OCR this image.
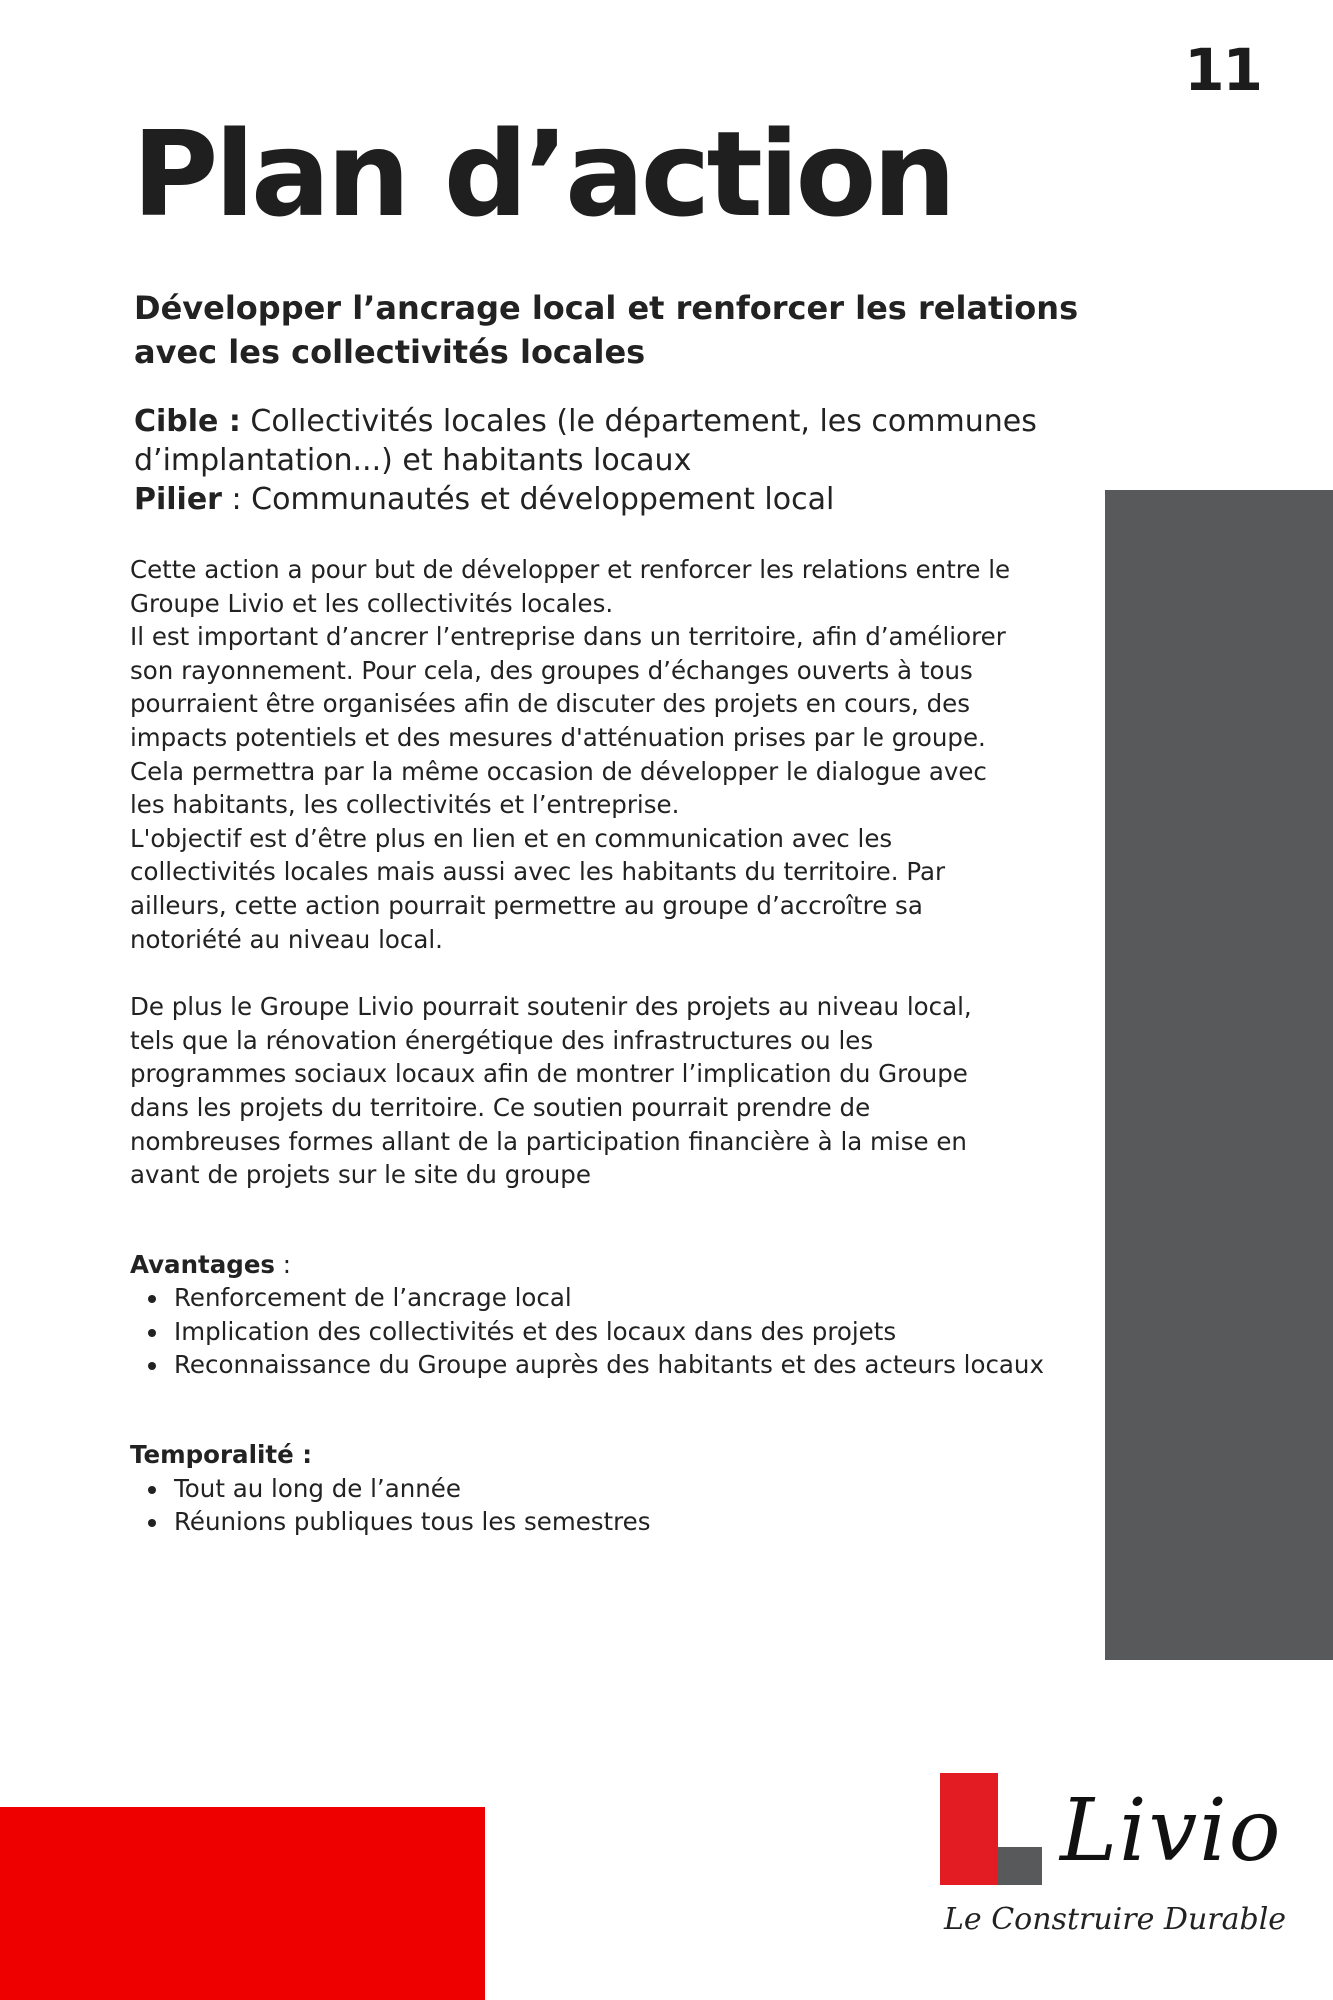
11
Plan d’action
Développer l’ancrage local et renforcer les relations avec les collectivités locales
Cible : Collectivités locales (le département, les communes d’implantation...) et habitants locaux
Pilier : Communautés et développement local

Cette action a pour but de développer et renforcer les relations entre le
Groupe Livio et les collectivités locales.
Il est important d’ancrer l’entreprise dans un territoire, afin d’améliorer
son rayonnement. Pour cela, des groupes d’échanges ouverts à tous
pourraient être organisées afin de discuter des projets en cours, des
impacts potentiels et des mesures d'atténuation prises par le groupe.
Cela permettra par la même occasion de développer le dialogue avec
les habitants, les collectivités et l’entreprise.
L'objectif est d’être plus en lien et en communication avec les
collectivités locales mais aussi avec les habitants du territoire. Par
ailleurs, cette action pourrait permettre au groupe d’accroître sa
notoriété au niveau local.

De plus le Groupe Livio pourrait soutenir des projets au niveau local,
tels que la rénovation énergétique des infrastructures ou les
programmes sociaux locaux afin de montrer l’implication du Groupe
dans les projets du territoire. Ce soutien pourrait prendre de
nombreuses formes allant de la participation financière à la mise en
avant de projets sur le site du groupe

Avantages :

Renforcement de l’ancrage local
Implication des collectivités et des locaux dans des projets
Reconnaissance du Groupe auprès des habitants et des acteurs locaux

Temporalité :

Tout au long de l’année
Réunions publiques tous les semestres
Livio
Le Construire Durable
